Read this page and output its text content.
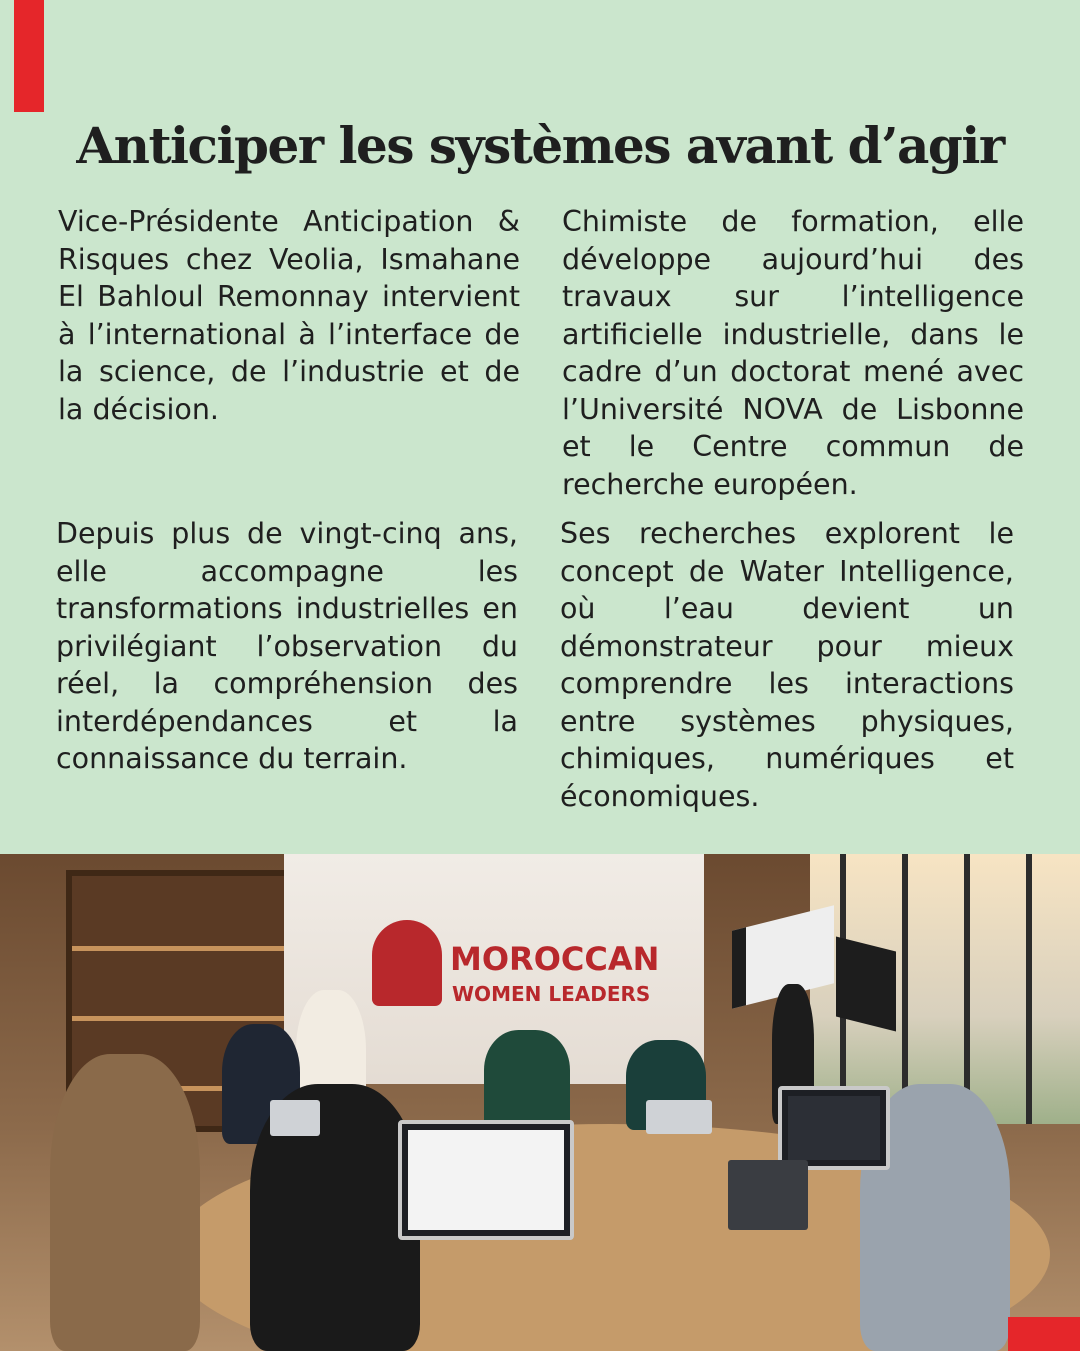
Anticiper les systèmes avant d’agir

Vice-Présidente Anticipation & Risques chez Veolia, Ismahane El Bahloul Remonnay intervient à l’international à l’interface de la science, de l’industrie et de la décision.

Chimiste de formation, elle développe aujourd’hui des travaux sur l’intelligence artificielle industrielle, dans le cadre d’un doctorat mené avec l’Université NOVA de Lisbonne et le Centre commun de recherche européen.

Depuis plus de vingt-cinq ans, elle accompagne les transformations industrielles en privilégiant l’observation du réel, la compréhension des interdépendances et la connaissance du terrain.

Ses recherches explorent le concept de Water Intelligence, où l’eau devient un démonstrateur pour mieux comprendre les interactions entre systèmes physiques, chimiques, numériques et économiques.

MOROCCAN
WOMEN LEADERS
